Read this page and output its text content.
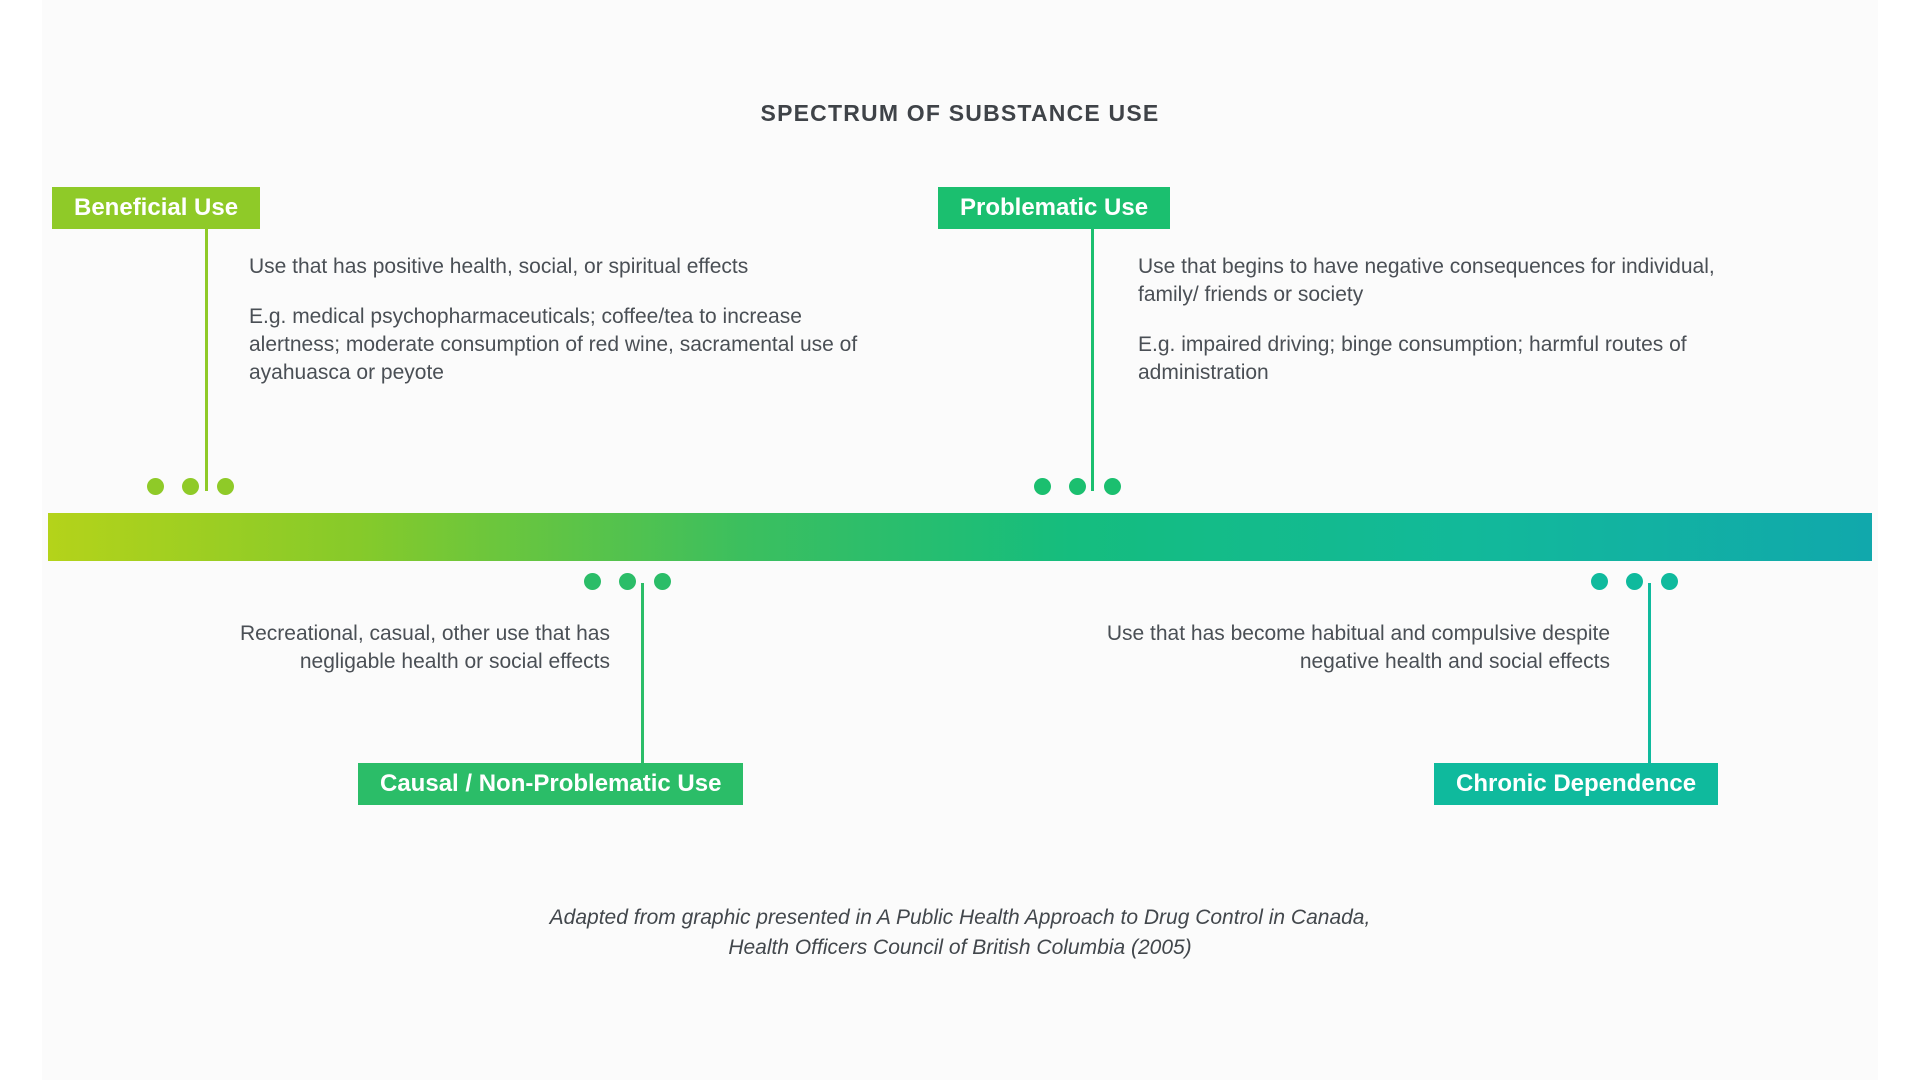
SPECTRUM OF SUBSTANCE USE
Beneficial Use

Use that has positive health, social, or spiritual effects

E.g. medical psychopharmaceuticals; coffee/tea to increase alertness; moderate consumption of red wine, sacramental use of ayahuasca or peyote

Problematic Use

Use that begins to have negative consequences for individual, family/ friends or society

E.g. impaired driving; binge consumption; harmful routes of administration

Recreational, casual, other use that has negligable health or social effects

Causal / Non-Problematic Use

Use that has become habitual and compulsive despite negative health and social effects

Chronic Dependence
Adapted from graphic presented in A Public Health Approach to Drug Control in Canada,
Health Officers Council of British Columbia (2005)
